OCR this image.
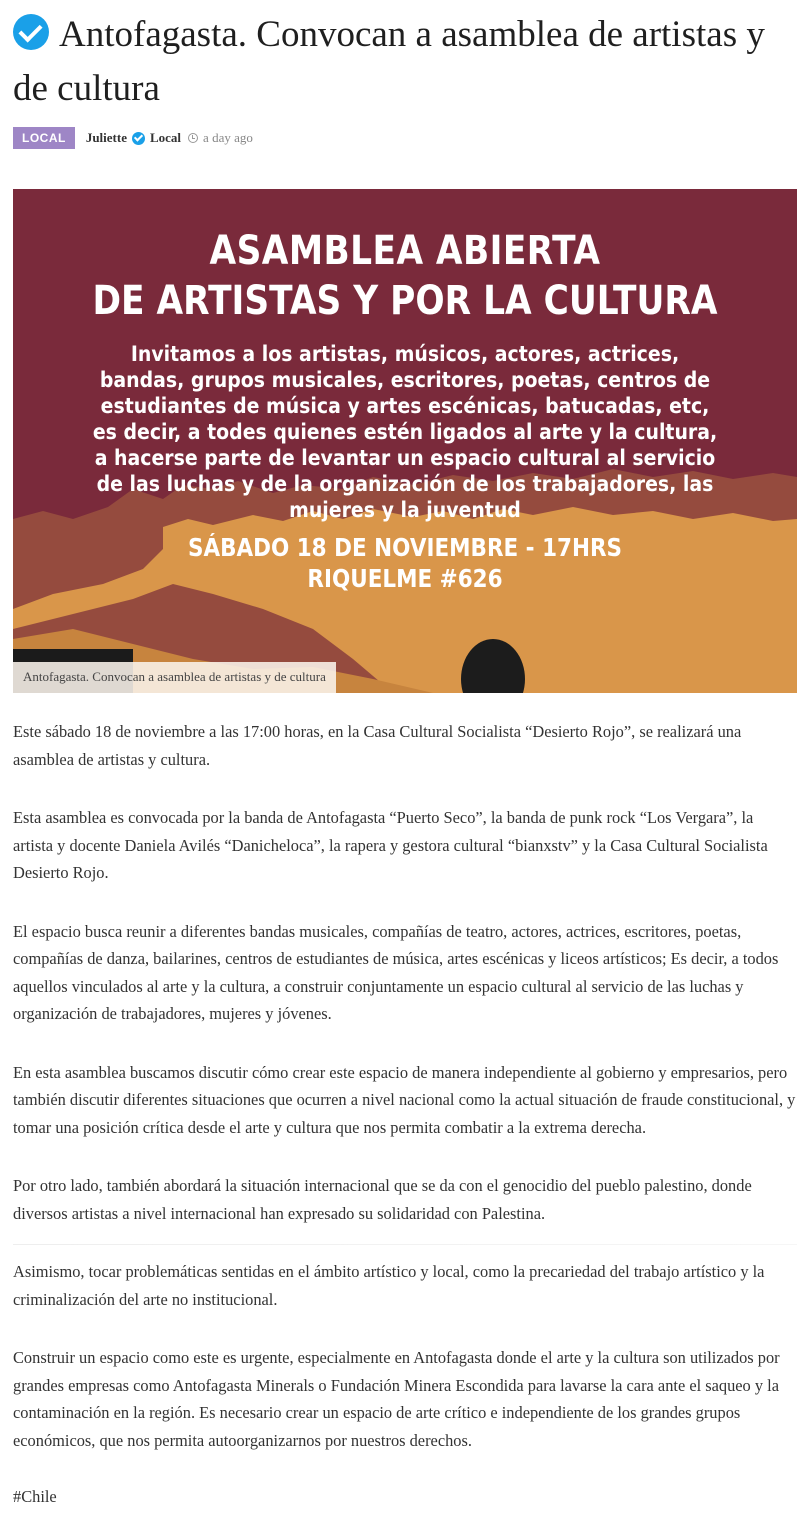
Antofagasta. Convocan a asamblea de artistas y de cultura
LOCAL	Juliette Local a day ago
ASAMBLEA ABIERTA
DE ARTISTAS Y POR LA CULTURA
Invitamos a los artistas, músicos, actores, actrices, bandas, grupos musicales, escritores, poetas, centros de estudiantes de música y artes escénicas, batucadas, etc, es decir, a todes quienes estén ligados al arte y la cultura, a hacerse parte de levantar un espacio cultural al servicio de las luchas y de la organización de los trabajadores, las mujeres y la juventud
SÁBADO 18 DE NOVIEMBRE - 17HRS
RIQUELME #626
Antofagasta. Convocan a asamblea de artistas y de cultura

Este sábado 18 de noviembre a las 17:00 horas, en la Casa Cultural Socialista “Desierto Rojo”, se realizará una asamblea de artistas y cultura.

Esta asamblea es convocada por la banda de Antofagasta “Puerto Seco”, la banda de punk rock “Los Vergara”, la artista y docente Daniela Avilés “Danicheloca”, la rapera y gestora cultural “bianxstv” y la Casa Cultural Socialista Desierto Rojo.

El espacio busca reunir a diferentes bandas musicales, compañías de teatro, actores, actrices, escritores, poetas, compañías de danza, bailarines, centros de estudiantes de música, artes escénicas y liceos artísticos; Es decir, a todos aquellos vinculados al arte y la cultura, a construir conjuntamente un espacio cultural al servicio de las luchas y organización de trabajadores, mujeres y jóvenes.

En esta asamblea buscamos discutir cómo crear este espacio de manera independiente al gobierno y empresarios, pero también discutir diferentes situaciones que ocurren a nivel nacional como la actual situación de fraude constitucional, y tomar una posición crítica desde el arte y cultura que nos permita combatir a la extrema derecha.

Por otro lado, también abordará la situación internacional que se da con el genocidio del pueblo palestino, donde diversos artistas a nivel internacional han expresado su solidaridad con Palestina.

Asimismo, tocar problemáticas sentidas en el ámbito artístico y local, como la precariedad del trabajo artístico y la criminalización del arte no institucional.

Construir un espacio como este es urgente, especialmente en Antofagasta donde el arte y la cultura son utilizados por grandes empresas como Antofagasta Minerals o Fundación Minera Escondida para lavarse la cara ante el saqueo y la contaminación en la región. Es necesario crear un espacio de arte crítico e independiente de los grandes grupos económicos, que nos permita autoorganizarnos por nuestros derechos.

#Chile
